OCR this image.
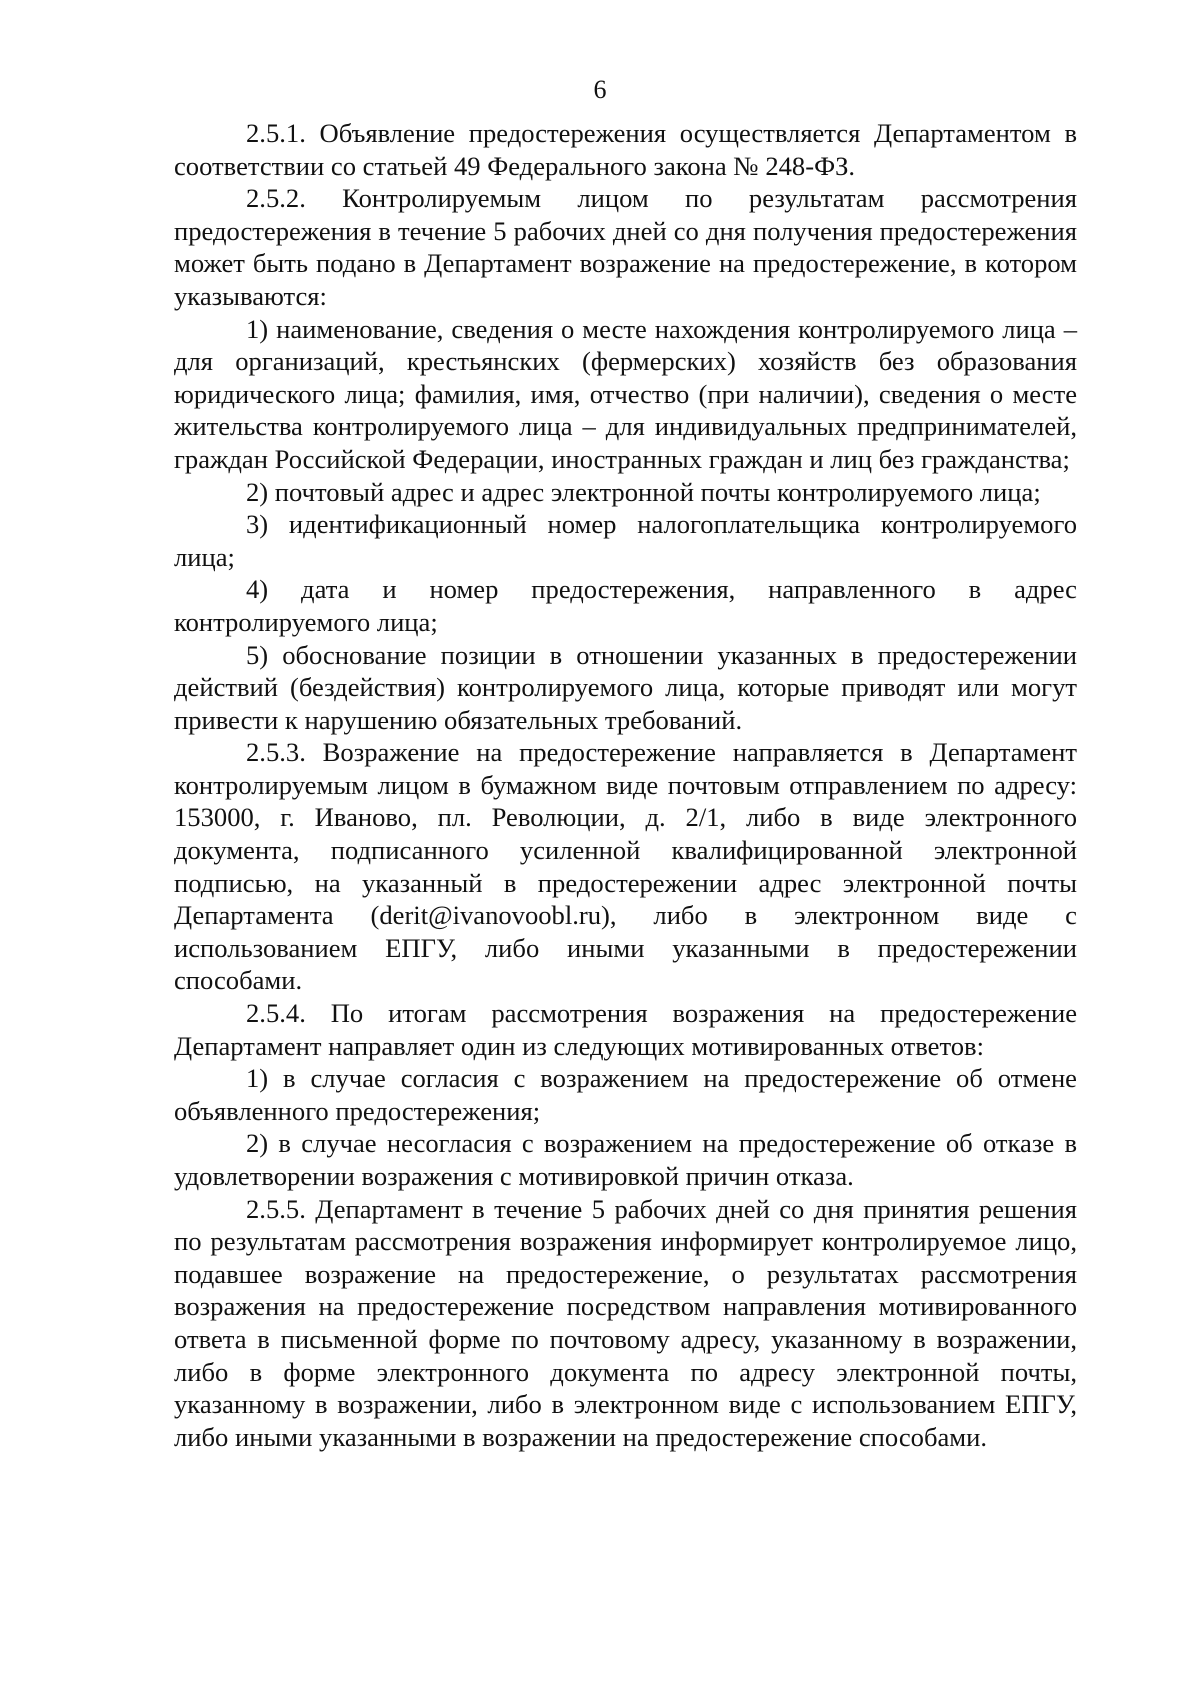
6

2.5.1. Объявление предостережения осуществляется Департаментом в соответствии со статьей 49 Федерального закона № 248-ФЗ.

2.5.2. Контролируемым лицом по результатам рассмотрения предостережения в течение 5 рабочих дней со дня получения предостережения может быть подано в Департамент возражение на предостережение, в котором указываются:

1) наименование, сведения о месте нахождения контролируемого лица – для организаций, крестьянских (фермерских) хозяйств без образования юридического лица; фамилия, имя, отчество (при наличии), сведения о месте жительства контролируемого лица – для индивидуальных предпринимателей, граждан Российской Федерации, иностранных граждан и лиц без гражданства;

2) почтовый адрес и адрес электронной почты контролируемого лица;

3) идентификационный номер налогоплательщика контролируемого лица;

4) дата и номер предостережения, направленного в адрес контролируемого лица;

5) обоснование позиции в отношении указанных в предостережении действий (бездействия) контролируемого лица, которые приводят или могут привести к нарушению обязательных требований.

2.5.3. Возражение на предостережение направляется в Департамент контролируемым лицом в бумажном виде почтовым отправлением по адресу: 153000, г. Иваново, пл. Революции, д. 2/1, либо в виде электронного документа, подписанного усиленной квалифицированной электронной подписью, на указанный в предостережении адрес электронной почты Департамента (derit@ivanovoobl.ru), либо в электронном виде с использованием ЕПГУ, либо иными указанными в предостережении способами.

2.5.4. По итогам рассмотрения возражения на предостережение Департамент направляет один из следующих мотивированных ответов:

1) в случае согласия с возражением на предостережение об отмене объявленного предостережения;

2) в случае несогласия с возражением на предостережение об отказе в удовлетворении возражения с мотивировкой причин отказа.

2.5.5. Департамент в течение 5 рабочих дней со дня принятия решения по результатам рассмотрения возражения информирует контролируемое лицо, подавшее возражение на предостережение, о результатах рассмотрения возражения на предостережение посредством направления мотивированного ответа в письменной форме по почтовому адресу, указанному в возражении, либо в форме электронного документа по адресу электронной почты, указанному в возражении, либо в электронном виде с использованием ЕПГУ, либо иными указанными в возражении на предостережение способами.
